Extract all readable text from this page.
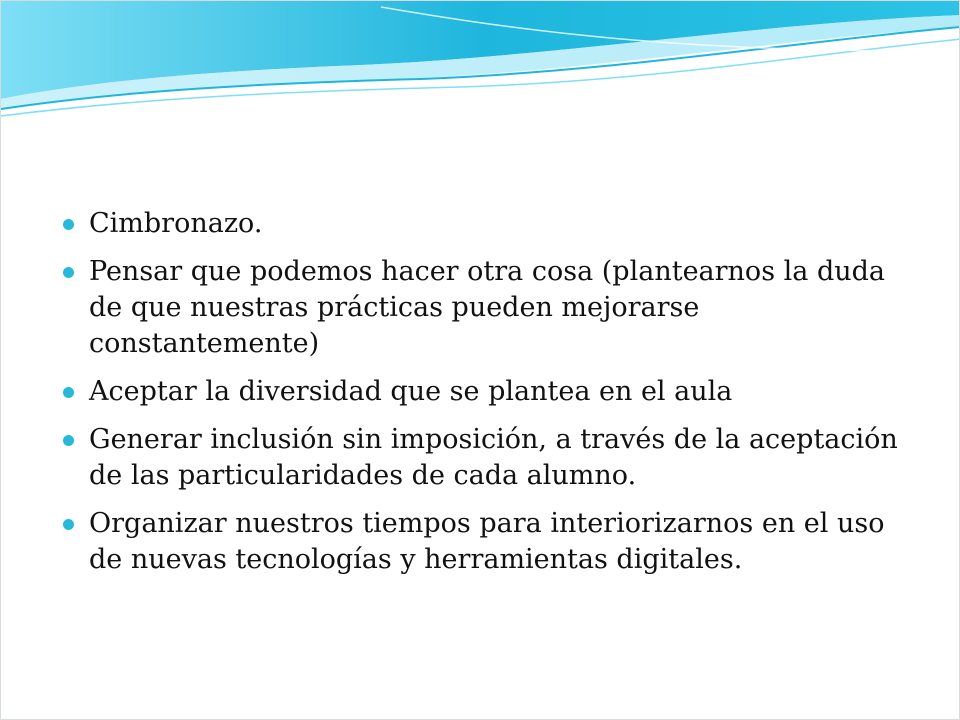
Cimbronazo.
Pensar que podemos hacer otra cosa (plantearnos la duda de que nuestras prácticas pueden mejorarse constantemente)
Aceptar la diversidad que se plantea en el aula
Generar inclusión sin imposición, a través de la aceptación de las particularidades de cada alumno.
Organizar nuestros tiempos para interiorizarnos en el uso de nuevas tecnologías y herramientas digitales.
